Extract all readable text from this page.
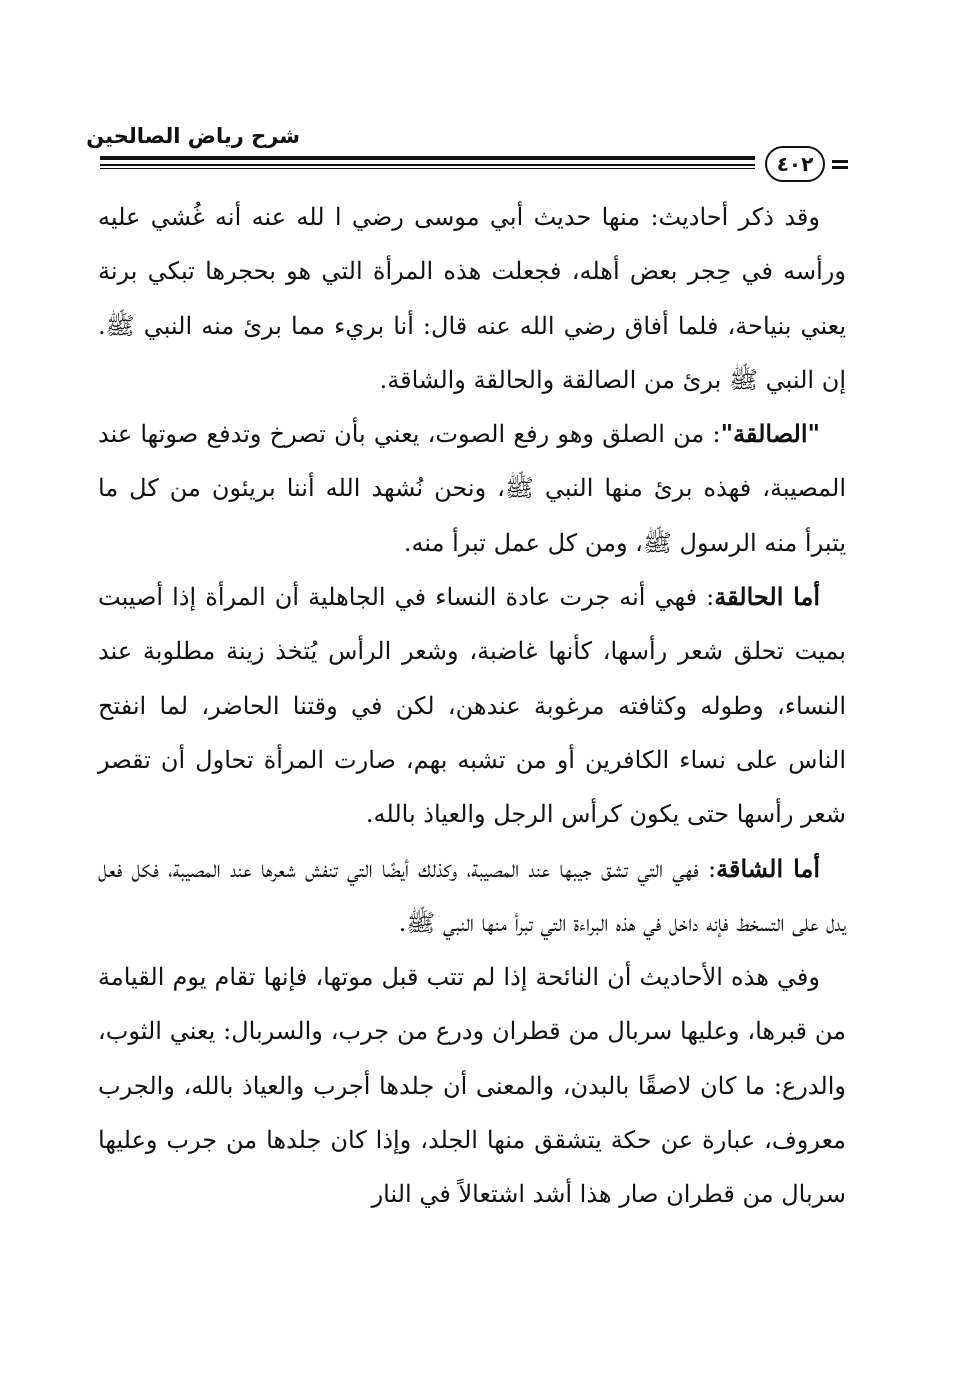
شرح رياض الصالحين
٤٠٢

وقد ذكر أحاديث: منها حديث أبي موسى رضي ا لله عنه أنه غُشي عليه ورأسه في حِجر بعض أهله، فجعلت هذه المرأة التي هو بحجرها تبكي برنة يعني بنياحة، فلما أفاق رضي الله عنه قال: أنا بريء مما برئ منه النبي ﷺ. إن النبي ﷺ برئ من الصالقة والحالقة والشاقة.

"الصالقة": من الصلق وهو رفع الصوت، يعني بأن تصرخ وتدفع صوتها عند المصيبة، فهذه برئ منها النبي ﷺ، ونحن نُشهد الله أننا بريئون من كل ما يتبرأ منه الرسول ﷺ، ومن كل عمل تبرأ منه.

أما الحالقة: فهي أنه جرت عادة النساء في الجاهلية أن المرأة إذا أصيبت بميت تحلق شعر رأسها، كأنها غاضبة، وشعر الرأس يُتخذ زينة مطلوبة عند النساء، وطوله وكثافته مرغوبة عندهن، لكن في وقتنا الحاضر، لما انفتح الناس على نساء الكافرين أو من تشبه بهم، صارت المرأة تحاول أن تقصر شعر رأسها حتى يكون كرأس الرجل والعياذ بالله.

أما الشاقة: فهي التي تشق جيبها عند المصيبة، وكذلك أيضًا التي تنفش شعرها عند المصيبة، فكل فعل يدل على التسخط فإنه داخل في هذه البراءة التي تبرأ منها النبي ﷺ.

وفي هذه الأحاديث أن النائحة إذا لم تتب قبل موتها، فإنها تقام يوم القيامة من قبرها، وعليها سربال من قطران ودرع من جرب، والسربال: يعني الثوب، والدرع: ما كان لاصقًا بالبدن، والمعنى أن جلدها أجرب والعياذ بالله، والجرب معروف، عبارة عن حكة يتشقق منها الجلد، وإذا كان جلدها من جرب وعليها سربال من قطران صار هذا أشد اشتعالاً في النار
